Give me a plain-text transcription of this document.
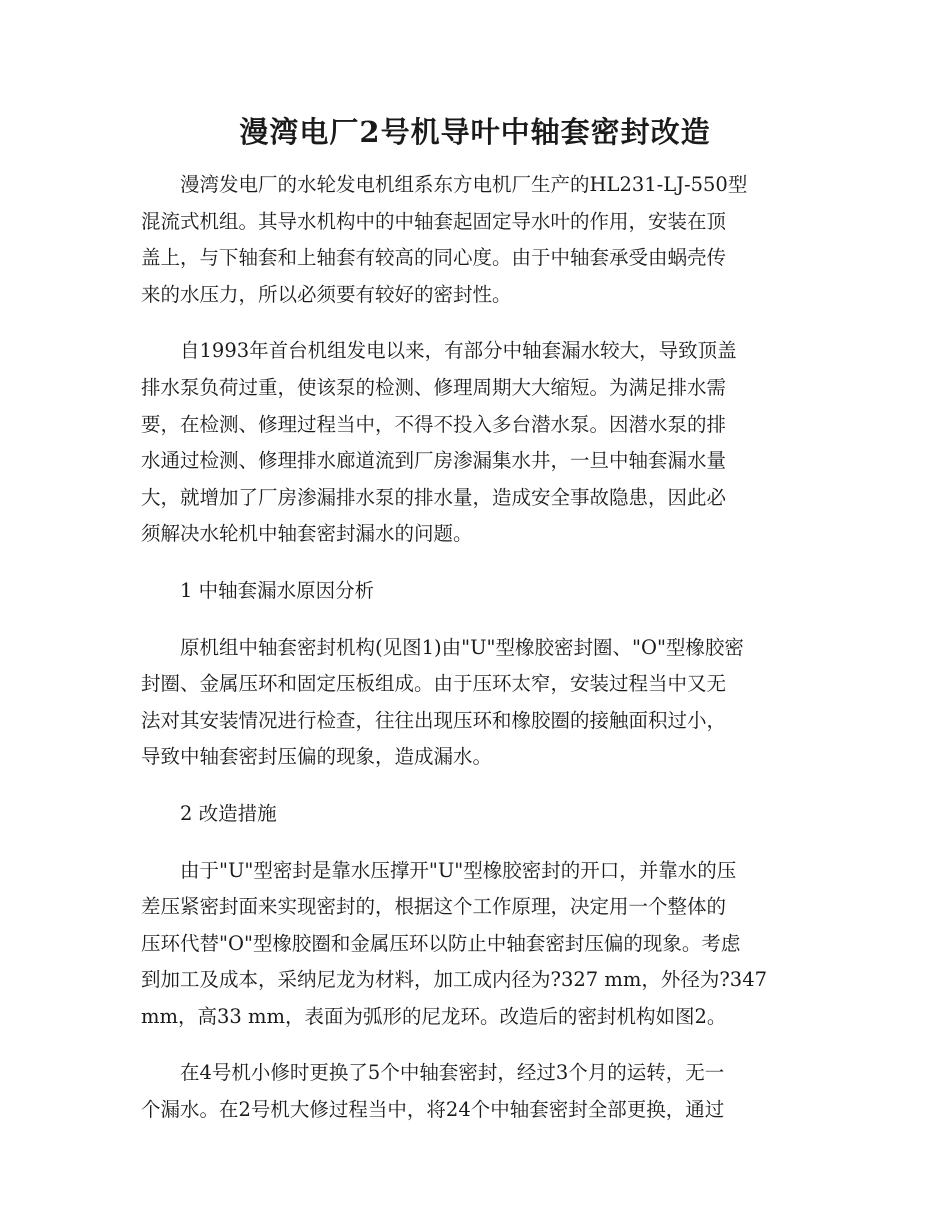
漫湾电厂2号机导叶中轴套密封改造

漫湾发电厂的水轮发电机组系东方电机厂生产的HL231-LJ-550型
混流式机组。其导水机构中的中轴套起固定导水叶的作用，安装在顶
盖上，与下轴套和上轴套有较高的同心度。由于中轴套承受由蜗壳传
来的水压力，所以必须要有较好的密封性。

自1993年首台机组发电以来，有部分中轴套漏水较大，导致顶盖
排水泵负荷过重，使该泵的检测、修理周期大大缩短。为满足排水需
要，在检测、修理过程当中，不得不投入多台潜水泵。因潜水泵的排
水通过检测、修理排水廊道流到厂房渗漏集水井，一旦中轴套漏水量
大，就增加了厂房渗漏排水泵的排水量，造成安全事故隐患，因此必
须解决水轮机中轴套密封漏水的问题。

1 中轴套漏水原因分析

原机组中轴套密封机构(见图1)由"U"型橡胶密封圈、"O"型橡胶密
封圈、金属压环和固定压板组成。由于压环太窄，安装过程当中又无
法对其安装情况进行检查，往往出现压环和橡胶圈的接触面积过小，
导致中轴套密封压偏的现象，造成漏水。

2 改造措施

由于"U"型密封是靠水压撑开"U"型橡胶密封的开口，并靠水的压
差压紧密封面来实现密封的，根据这个工作原理，决定用一个整体的
压环代替"O"型橡胶圈和金属压环以防止中轴套密封压偏的现象。考虑
到加工及成本，采纳尼龙为材料，加工成内径为?327 mm，外径为?347
mm，高33 mm，表面为弧形的尼龙环。改造后的密封机构如图2。

在4号机小修时更换了5个中轴套密封，经过3个月的运转，无一
个漏水。在2号机大修过程当中，将24个中轴套密封全部更换，通过
